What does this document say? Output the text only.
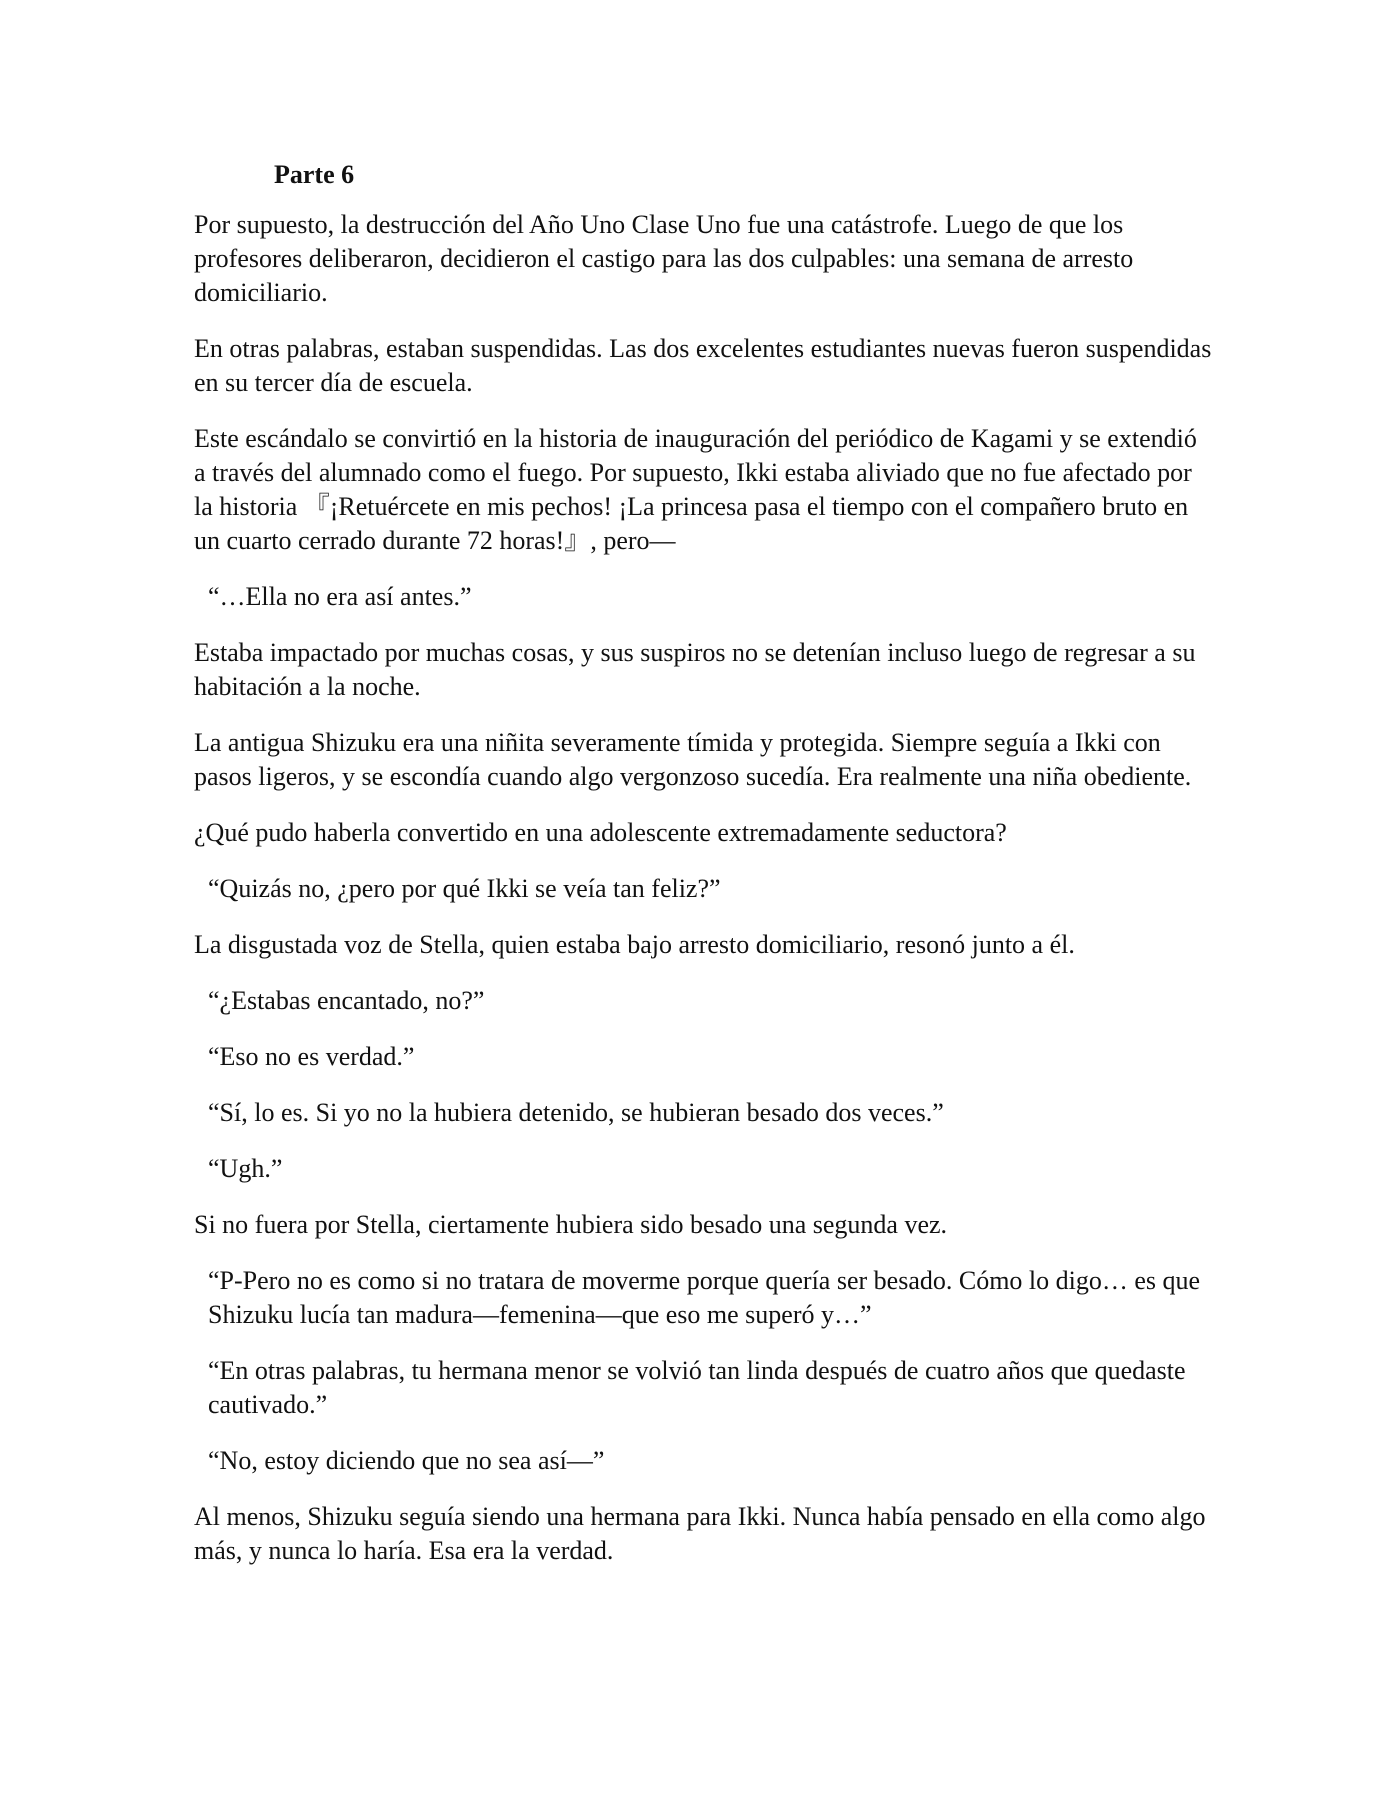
Parte 6

Por supuesto, la destrucción del Año Uno Clase Uno fue una catástrofe. Luego de que los profesores deliberaron, decidieron el castigo para las dos culpables: una semana de arresto domiciliario.

En otras palabras, estaban suspendidas. Las dos excelentes estudiantes nuevas fueron suspendidas en su tercer día de escuela.

Este escándalo se convirtió en la historia de inauguración del periódico de Kagami y se extendió a través del alumnado como el fuego. Por supuesto, Ikki estaba aliviado que no fue afectado por la historia 『¡Retuércete en mis pechos! ¡La princesa pasa el tiempo con el compañero bruto en un cuarto cerrado durante 72 horas!』, pero—

“…Ella no era así antes.”

Estaba impactado por muchas cosas, y sus suspiros no se detenían incluso luego de regresar a su habitación a la noche.

La antigua Shizuku era una niñita severamente tímida y protegida. Siempre seguía a Ikki con pasos ligeros, y se escondía cuando algo vergonzoso sucedía. Era realmente una niña obediente.

¿Qué pudo haberla convertido en una adolescente extremadamente seductora?

“Quizás no, ¿pero por qué Ikki se veía tan feliz?”

La disgustada voz de Stella, quien estaba bajo arresto domiciliario, resonó junto a él.

“¿Estabas encantado, no?”

“Eso no es verdad.”

“Sí, lo es. Si yo no la hubiera detenido, se hubieran besado dos veces.”

“Ugh.”

Si no fuera por Stella, ciertamente hubiera sido besado una segunda vez.

“P-Pero no es como si no tratara de moverme porque quería ser besado. Cómo lo digo… es que Shizuku lucía tan madura—femenina—que eso me superó y…”

“En otras palabras, tu hermana menor se volvió tan linda después de cuatro años que quedaste cautivado.”

“No, estoy diciendo que no sea así—”

Al menos, Shizuku seguía siendo una hermana para Ikki. Nunca había pensado en ella como algo más, y nunca lo haría. Esa era la verdad.
